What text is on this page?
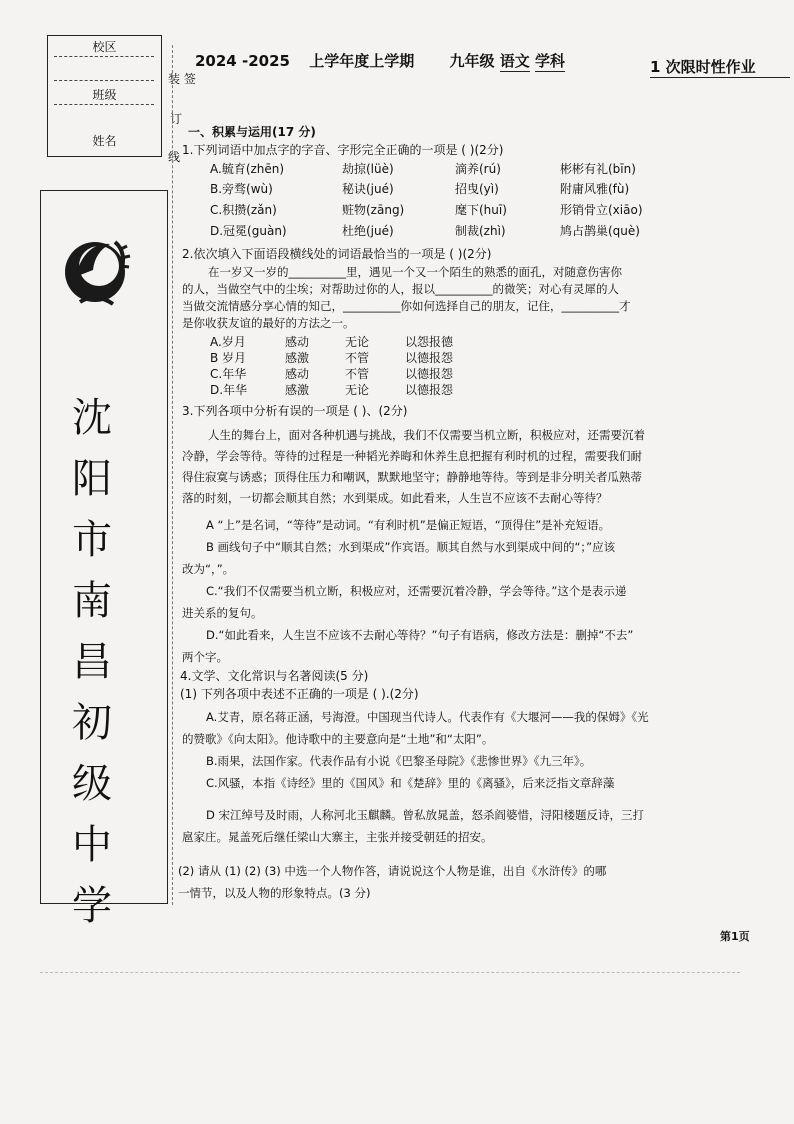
校区
班级
姓名
沈
阳
市
南
昌
初
级
中
学
装 签
订
线
2024 -2025 上学年度上学期 九年级 语文 学科	1 次限时性作业
一、积累与运用(17 分)
1.下列词语中加点字的字音、字形完全正确的一项是 ( )(2分)
A.毓育(zhēn)	劫掠(lüè)	滴养(rú)	彬彬有礼(bīn)
B.旁骛(wù)	秘诀(jué)	招曳(yì)	附庸风雅(fù)
C.积攒(zǎn)	赃物(zāng)	麾下(huī)	形销骨立(xiāo)
D.冠冕(guàn)	杜绝(jué)	制裁(zhì)	鸠占鹊巢(què)
2.依次填入下面语段横线处的词语最恰当的一项是 ( )(2分)
在一岁又一岁的__________里，遇见一个又一个陌生的熟悉的面孔，对随意伤害你
的人，当做空气中的尘埃；对帮助过你的人，报以__________的微笑；对心有灵犀的人
当做交流情感分享心情的知己，__________你如何选择自己的朋友，记住，__________才
是你收获友谊的最好的方法之一。
A.岁月	感动	无论	以怨报德
B 岁月	感激	不管	以德报怨
C.年华	感动	不管	以德报怨
D.年华	感激	无论	以德报怨
3.下列各项中分析有误的一项是 ( )、(2分)
人生的舞台上，面对各种机遇与挑战，我们不仅需要当机立断，积极应对，还需要沉着
冷静，学会等待。等待的过程是一种韬光养晦和休养生息把握有利时机的过程，需要我们耐
得住寂寞与诱惑；顶得住压力和嘲讽，默默地坚守；静静地等待。等到是非分明关者瓜熟蒂
落的时刻，一切都会顺其自然；水到渠成。如此看来，人生岂不应该不去耐心等待？
A “上”是名词，“等待”是动词。“有利时机”是偏正短语，“顶得住”是补充短语。
B 画线句子中“顺其自然；水到渠成”作宾语。顺其自然与水到渠成中间的“；”应该
改为“，”。
C.“我们不仅需要当机立断，积极应对，还需要沉着冷静，学会等待。”这个是表示递
进关系的复句。
D.“如此看来，人生岂不应该不去耐心等待？”句子有语病，修改方法是：删掉“不去”
两个字。
4.文学、文化常识与名著阅读(5 分)
(1) 下列各项中表述不正确的一项是 ( ).(2分)
A.艾青，原名蒋正涵，号海澄。中国现当代诗人。代表作有《大堰河——我的保姆》《光
的赞歌》《向太阳》。他诗歌中的主要意向是“土地”和“太阳”。
B.雨果，法国作家。代表作品有小说《巴黎圣母院》《悲惨世界》《九三年》。
C.风骚，本指《诗经》里的《国风》和《楚辞》里的《离骚》，后来泛指文章辞藻
D 宋江绰号及时雨，人称河北玉麒麟。曾私放晁盖，怒杀阎婆惜，浔阳楼题反诗，三打
扈家庄。晁盖死后继任梁山大寨主，主张并接受朝廷的招安。
(2) 请从 (1) (2) (3) 中选一个人物作答，请说说这个人物是谁，出自《水浒传》的哪
一情节，以及人物的形象特点。(3 分)
第1页
